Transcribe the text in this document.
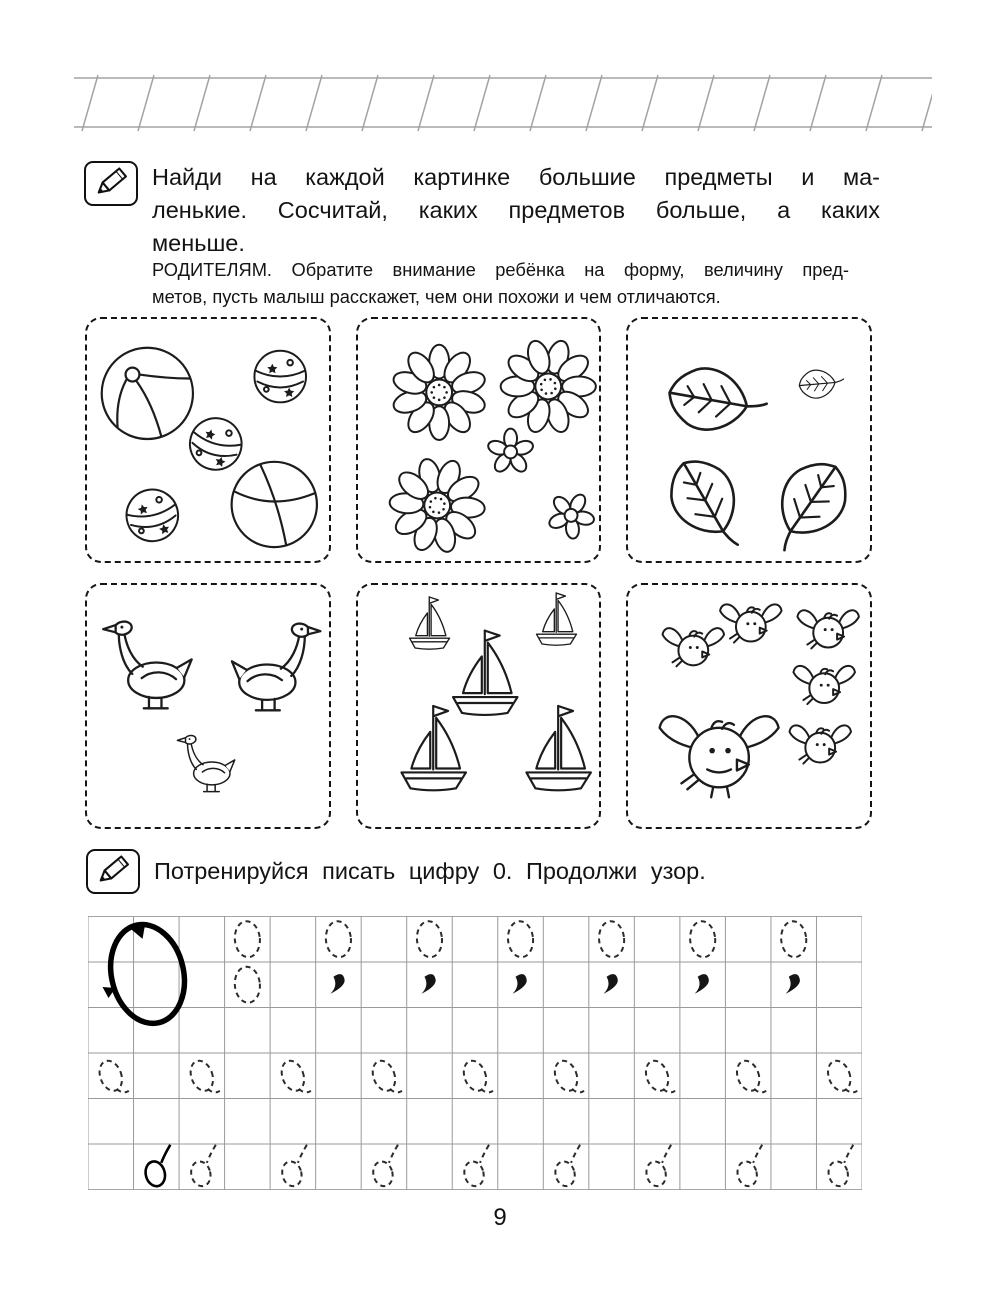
Найди на каждой картинке большие предметы и ма-
ленькие. Сосчитай, каких предметов больше, а каких
меньше.
РОДИТЕЛЯМ. Обратите внимание ребёнка на форму, величину пред-
метов, пусть малыш расскажет, чем они похожи и чем отличаются.
Потренируйся писать цифру 0. Продолжи узор.
9
